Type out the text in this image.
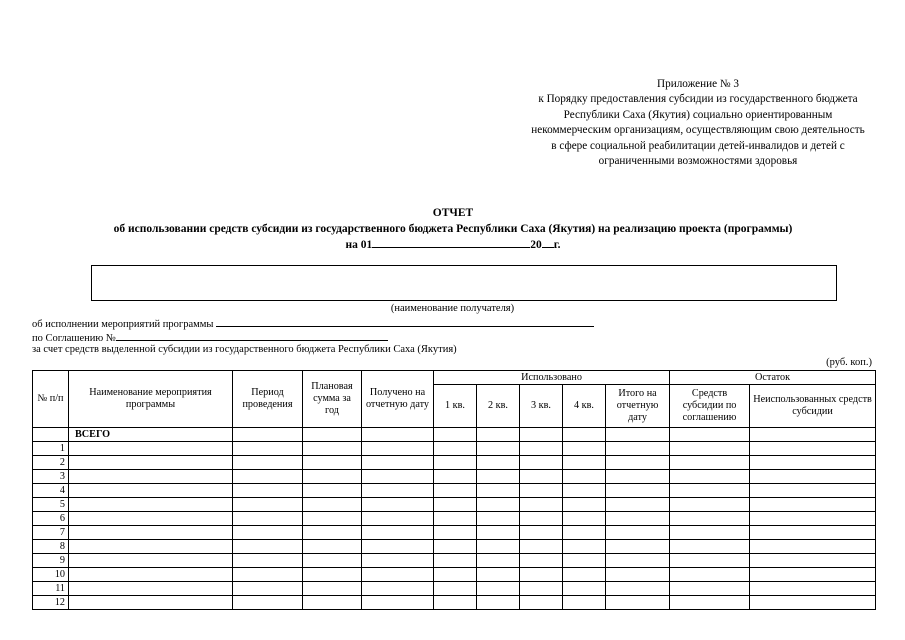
Приложение № 3
к Порядку предоставления субсидии из государственного бюджета Республики Саха (Якутия) социально ориентированным некоммерческим организациям, осуществляющим свою деятельность в сфере социальной реабилитации детей-инвалидов и детей с ограниченными возможностями здоровья
ОТЧЕТ
об использовании средств субсидии из государственного бюджета Республики Саха (Якутия) на реализацию проекта (программы)
на 01	20 г.
(наименование получателя)
об исполнении мероприятий программы
по Соглашению №
за счет средств выделенной субсидии из государственного бюджета Республики Саха (Якутия)
(руб. коп.)
№ п/п	Наименование мероприятия программы	Период проведения	Плановая сумма за год	Получено на отчетную дату	Использовано					Остаток	
					1 кв.	2 кв.	3 кв.	4 кв.	Итого на отчетную дату	Средств субсидии по соглашению	Неиспользованных средств субсидии
	ВСЕГО										
1											
2											
3											
4											
5											
6											
7											
8											
9											
10											
11											
12											
